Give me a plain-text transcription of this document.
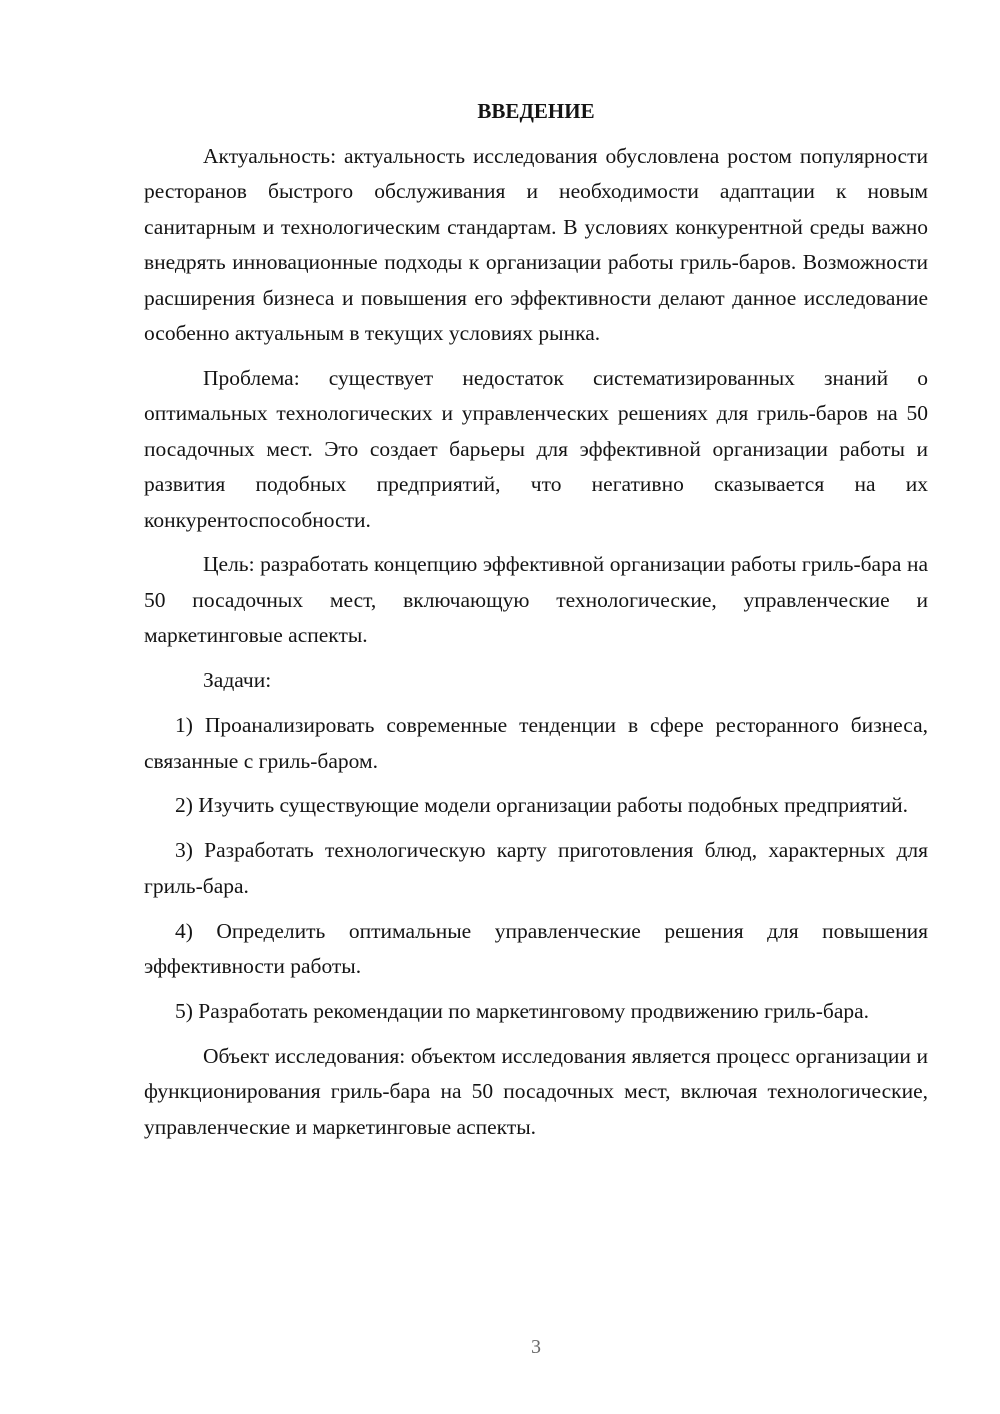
ВВЕДЕНИЕ

Актуальность: актуальность исследования обусловлена ростом популярности ресторанов быстрого обслуживания и необходимости адаптации к новым санитарным и технологическим стандартам. В условиях конкурентной среды важно внедрять инновационные подходы к организации работы гриль-баров. Возможности расширения бизнеса и повышения его эффективности делают данное исследование особенно актуальным в текущих условиях рынка.

Проблема: существует недостаток систематизированных знаний о оптимальных технологических и управленческих решениях для гриль-баров на 50 посадочных мест. Это создает барьеры для эффективной организации работы и развития подобных предприятий, что негативно сказывается на их конкурентоспособности.

Цель: разработать концепцию эффективной организации работы гриль-бара на 50 посадочных мест, включающую технологические, управленческие и маркетинговые аспекты.

Задачи:

1) Проанализировать современные тенденции в сфере ресторанного бизнеса, связанные с гриль-баром.

2) Изучить существующие модели организации работы подобных предприятий.

3) Разработать технологическую карту приготовления блюд, характерных для гриль-бара.

4) Определить оптимальные управленческие решения для повышения эффективности работы.

5) Разработать рекомендации по маркетинговому продвижению гриль-бара.

Объект исследования: объектом исследования является процесс организации и функционирования гриль-бара на 50 посадочных мест, включая технологические, управленческие и маркетинговые аспекты.

3
